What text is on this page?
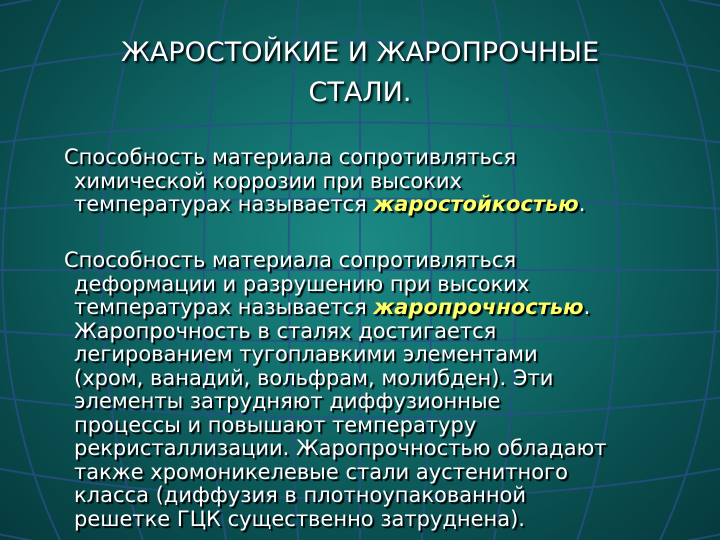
ЖАРОСТОЙКИЕ И ЖАРОПРОЧНЫЕ
СТАЛИ.
Способность материала сопротивляться
химической коррозии при высоких
температурах называется жаростойкостью.
Способность материала сопротивляться
деформации и разрушению при высоких
температурах называется жаропрочностью.
Жаропрочность в сталях достигается
легированием тугоплавкими элементами
(хром, ванадий, вольфрам, молибден). Эти
элементы затрудняют диффузионные
процессы и повышают температуру
рекристаллизации. Жаропрочностью обладают
также хромоникелевые стали аустенитного
класса (диффузия в плотноупакованной
решетке ГЦК существенно затруднена).
